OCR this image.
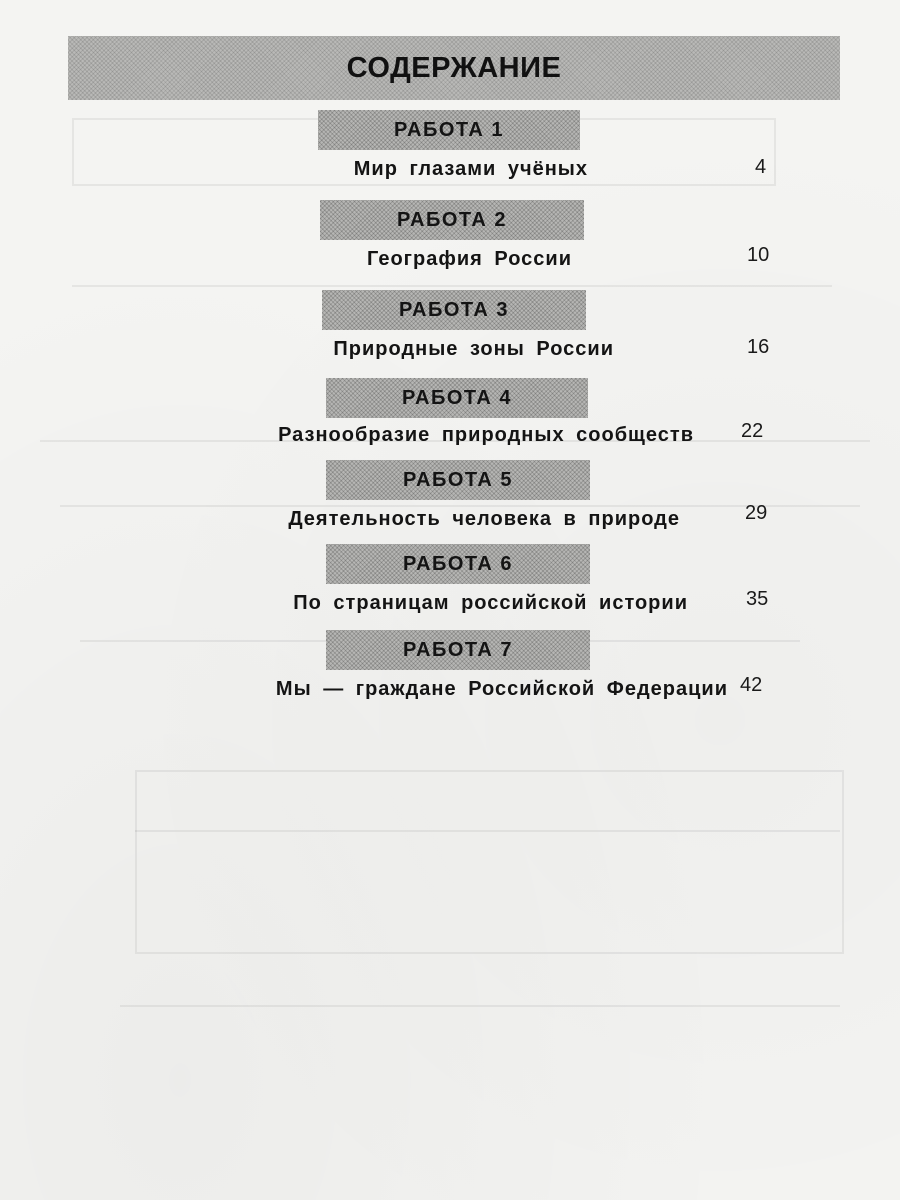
СОДЕРЖАНИЕ
РАБОТА 1
Мир глазами учёных	4
РАБОТА 2
География России	10
РАБОТА 3
Природные зоны России	16
РАБОТА 4
Разнообразие природных сообществ 22
РАБОТА 5
Деятельность человека в природе	29
РАБОТА 6
По страницам российской истории	35
РАБОТА 7
Мы — граждане Российской Федерации 42
